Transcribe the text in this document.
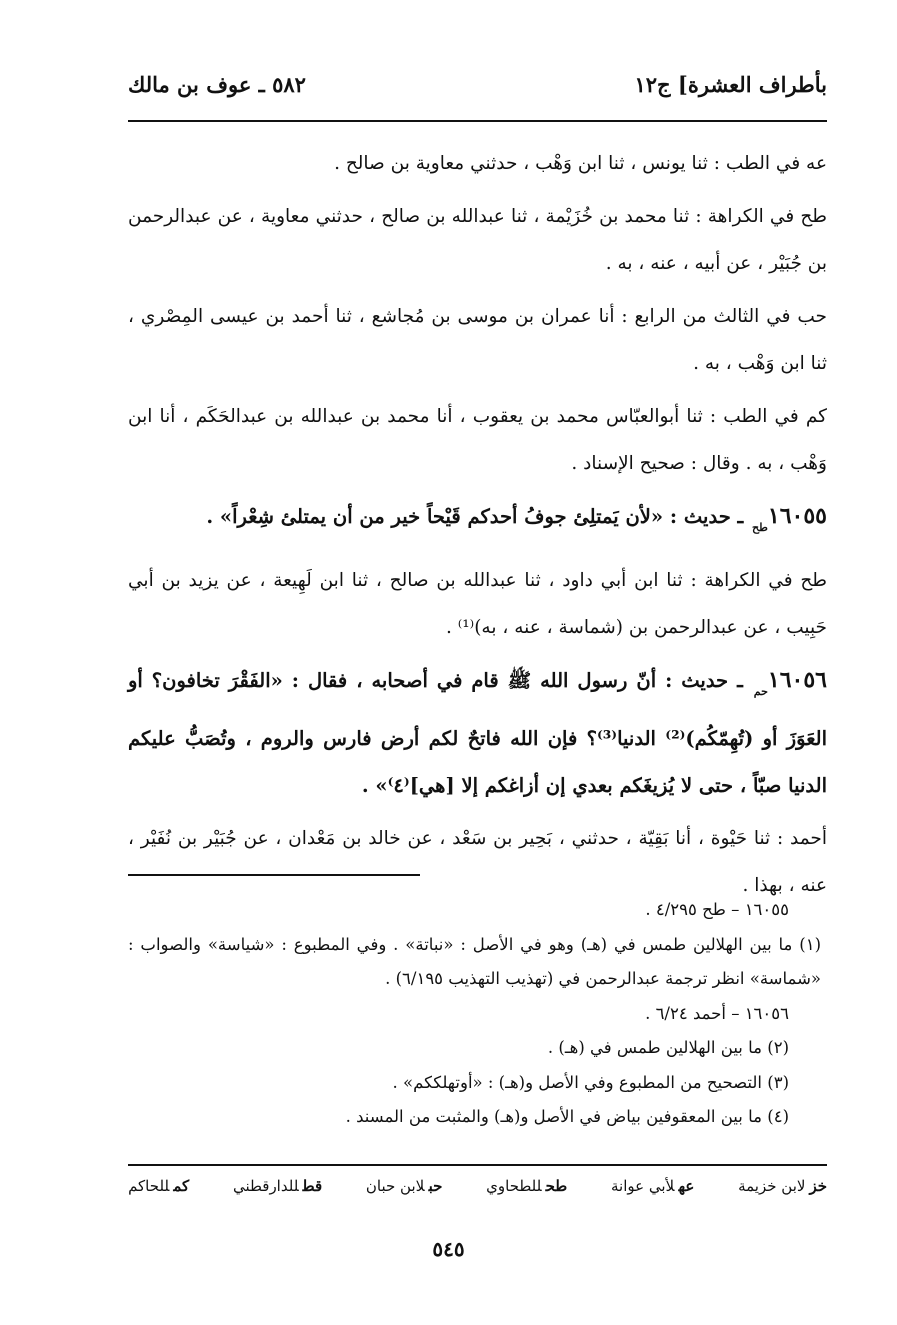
بأطراف العشرة] ج١٢
٥٨٢ ـ عوف بن مالك

عه في الطب : ثنا يونس ، ثنا ابن وَهْب ، حدثني معاوية بن صالح .

طح في الكراهة : ثنا محمد بن خُزَيْمة ، ثنا عبدالله بن صالح ، حدثني معاوية ، عن عبدالرحمن بن جُبَيْر ، عن أبيه ، عنه ، به .

حب في الثالث من الرابع : أنا عمران بن موسى بن مُجاشع ، ثنا أحمد بن عيسى المِصْري ، ثنا ابن وَهْب ، به .

كم في الطب : ثنا أبوالعبّاس محمد بن يعقوب ، أنا محمد بن عبدالله بن عبدالحَكَم ، أنا ابن وَهْب ، به . وقال : صحيح الإسناد .

$١٦٠٥٥_{طح}$ ـ حديث : «لأن يَمتلِئ جوفُ أحدكم قَيْحاً خير من أن يمتلئ شِعْراً» .

طح في الكراهة : ثنا ابن أبي داود ، ثنا عبدالله بن صالح ، ثنا ابن لَهِيعة ، عن يزيد بن أبي حَبِيب ، عن عبدالرحمن بن (شماسة ، عنه ، به)⁽¹⁾ .

$١٦٠٥٦_{حم}$ ـ حديث : أنّ رسول الله ﷺ قام في أصحابه ، فقال : «الفَقْرَ تخافون؟ أو العَوَزَ أو (تُهِمّكُم)⁽²⁾ الدنيا⁽³⁾؟ فإن الله فاتحٌ لكم أرض فارس والروم ، وتُصَبُّ عليكم الدنيا صبّاً ، حتى لا يُزيغَكم بعدي إن أزاغكم إلا [هي]⁽٤⁾» .

أحمد : ثنا حَيْوة ، أنا بَقِيّة ، حدثني ، بَحِير بن سَعْد ، عن خالد بن مَعْدان ، عن جُبَيْر بن نُفَيْر ، عنه ، بهذا .

١٦٠٥٥ – طح ٤/٢٩٥ .

(١) ما بين الهلالين طمس في (هـ) وهو في الأصل : «نباتة» . وفي المطبوع : «شياسة» والصواب : «شماسة» انظر ترجمة عبدالرحمن في (تهذيب التهذيب ٦/١٩٥) .

١٦٠٥٦ – أحمد ٦/٢٤ .

(٢) ما بين الهلالين طمس في (هـ) .

(٣) التصحيح من المطبوع وفي الأصل و(هـ) : «أوتهلككم» .

(٤) ما بين المعقوفين بياض في الأصل و(هـ) والمثبت من المسند .

خزلابن خزيمة
عهلأبي عوانة
طحللطحاوي
حبلابن حبان
قطللدارقطني
كمللحاكم
٥٤٥
